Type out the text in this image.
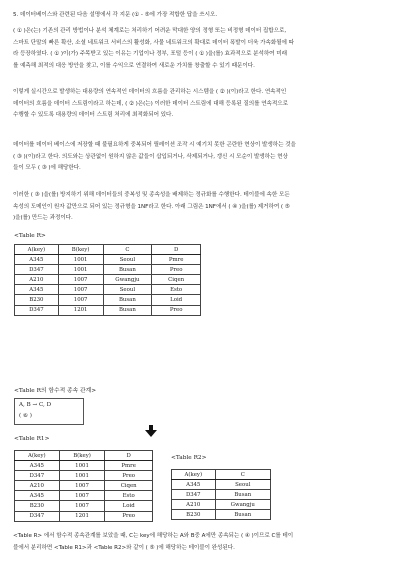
5. 데이터베이스와 관련된 다음 설명에서 각 지문 (① - ⑤에 가장 적합한 답을 쓰시오.

( ① )은(는) 기존의 관리 방법이나 분석 체계로는 처리하기 어려운 막대한 양의 정형 또는 비정형 데이터 집합으로,
스마트 단말의 빠른 확산, 소셜 네트워크 서비스의 활성화, 사물 네트워크의 확대로 데이터 폭발이 더욱 가속화될에 따
라 등장하였다. ( ① )이(가) 주목받고 있는 이유는 기업이나 정부, 포털 등이 ( ① )을(를) 효과적으로 분석하여 미래
를 예측해 최적의 대응 방안을 찾고, 이를 수익으로 연결하여 새로운 가치를 창출할 수 있기 때문이다.

이렇게 실시간으로 발생하는 대용량의 연속적인 데이터의 흐름을 관리하는 시스템을 ( ② )(이)라고 한다. 연속적인
데이터의 흐름을 데이터 스트림이라고 하는데, ( ② )은(는) 이러한 데이터 스트림에 대해 등록된 질의를 연속적으로
수행할 수 있도록 대용량의 데이터 스트림 처리에 최적화되어 있다.

데이터를 데이터 베이스에 저장할 때 불필요하게 중복되어 릴레이션 조작 시 예기치 못한 곤란한 현상이 발생하는 것을
( ③ )(이)라고 한다. 의도와는 상관없이 원하지 않은 값들이 삽입되거나, 삭제되거나, 갱신 시 모순이 발생하는 현상
들이 모두 ( ③ )에 해당한다.

이러한 ( ③ )을(를) 방지하기 위해 데이터들의 중복성 및 종속성을 배제하는 정규화를 수행한다. 테이블에 속한 모든
속성의 도메인이 원자 값만으로 되어 있는 정규형을 1NF라고 한다. 아래 그림은 1NF에서 ( ④ )을(를) 제거하여 ( ⑤
)을(를) 만드는 과정이다.

<Table R>
A(key)	B(key)	C	D
A345	1001	Seoul	Pmre
D347	1001	Busan	Preo
A210	1007	Gwangju	Ciqen
A345	1007	Seoul	Esto
B230	1007	Busan	Loid
D347	1201	Busan	Preo
<Table R의 함수적 종속 관계>
A, B → C, D
( ⑥ )
<Table R1>
A(key)	B(key)	D
A345	1001	Pmre
D347	1001	Preo
A210	1007	Ciqen
A345	1007	Esto
B230	1007	Loid
D347	1201	Preo
<Table R2>
A(key)	C
A345	Seoul
D347	Busan
A210	Gwangju
B230	Busan

<Table R> 에서 함수적 종속관계를 보았을 때, C는 key에 해당하는 A와 B중 A에만 종속되는 ( ④ )이므로 C를 테이
블에서 분리하면 <Table R1>과 <Table R2>와 같이 ( ⑤ )에 해당하는 테이블이 완성된다.
